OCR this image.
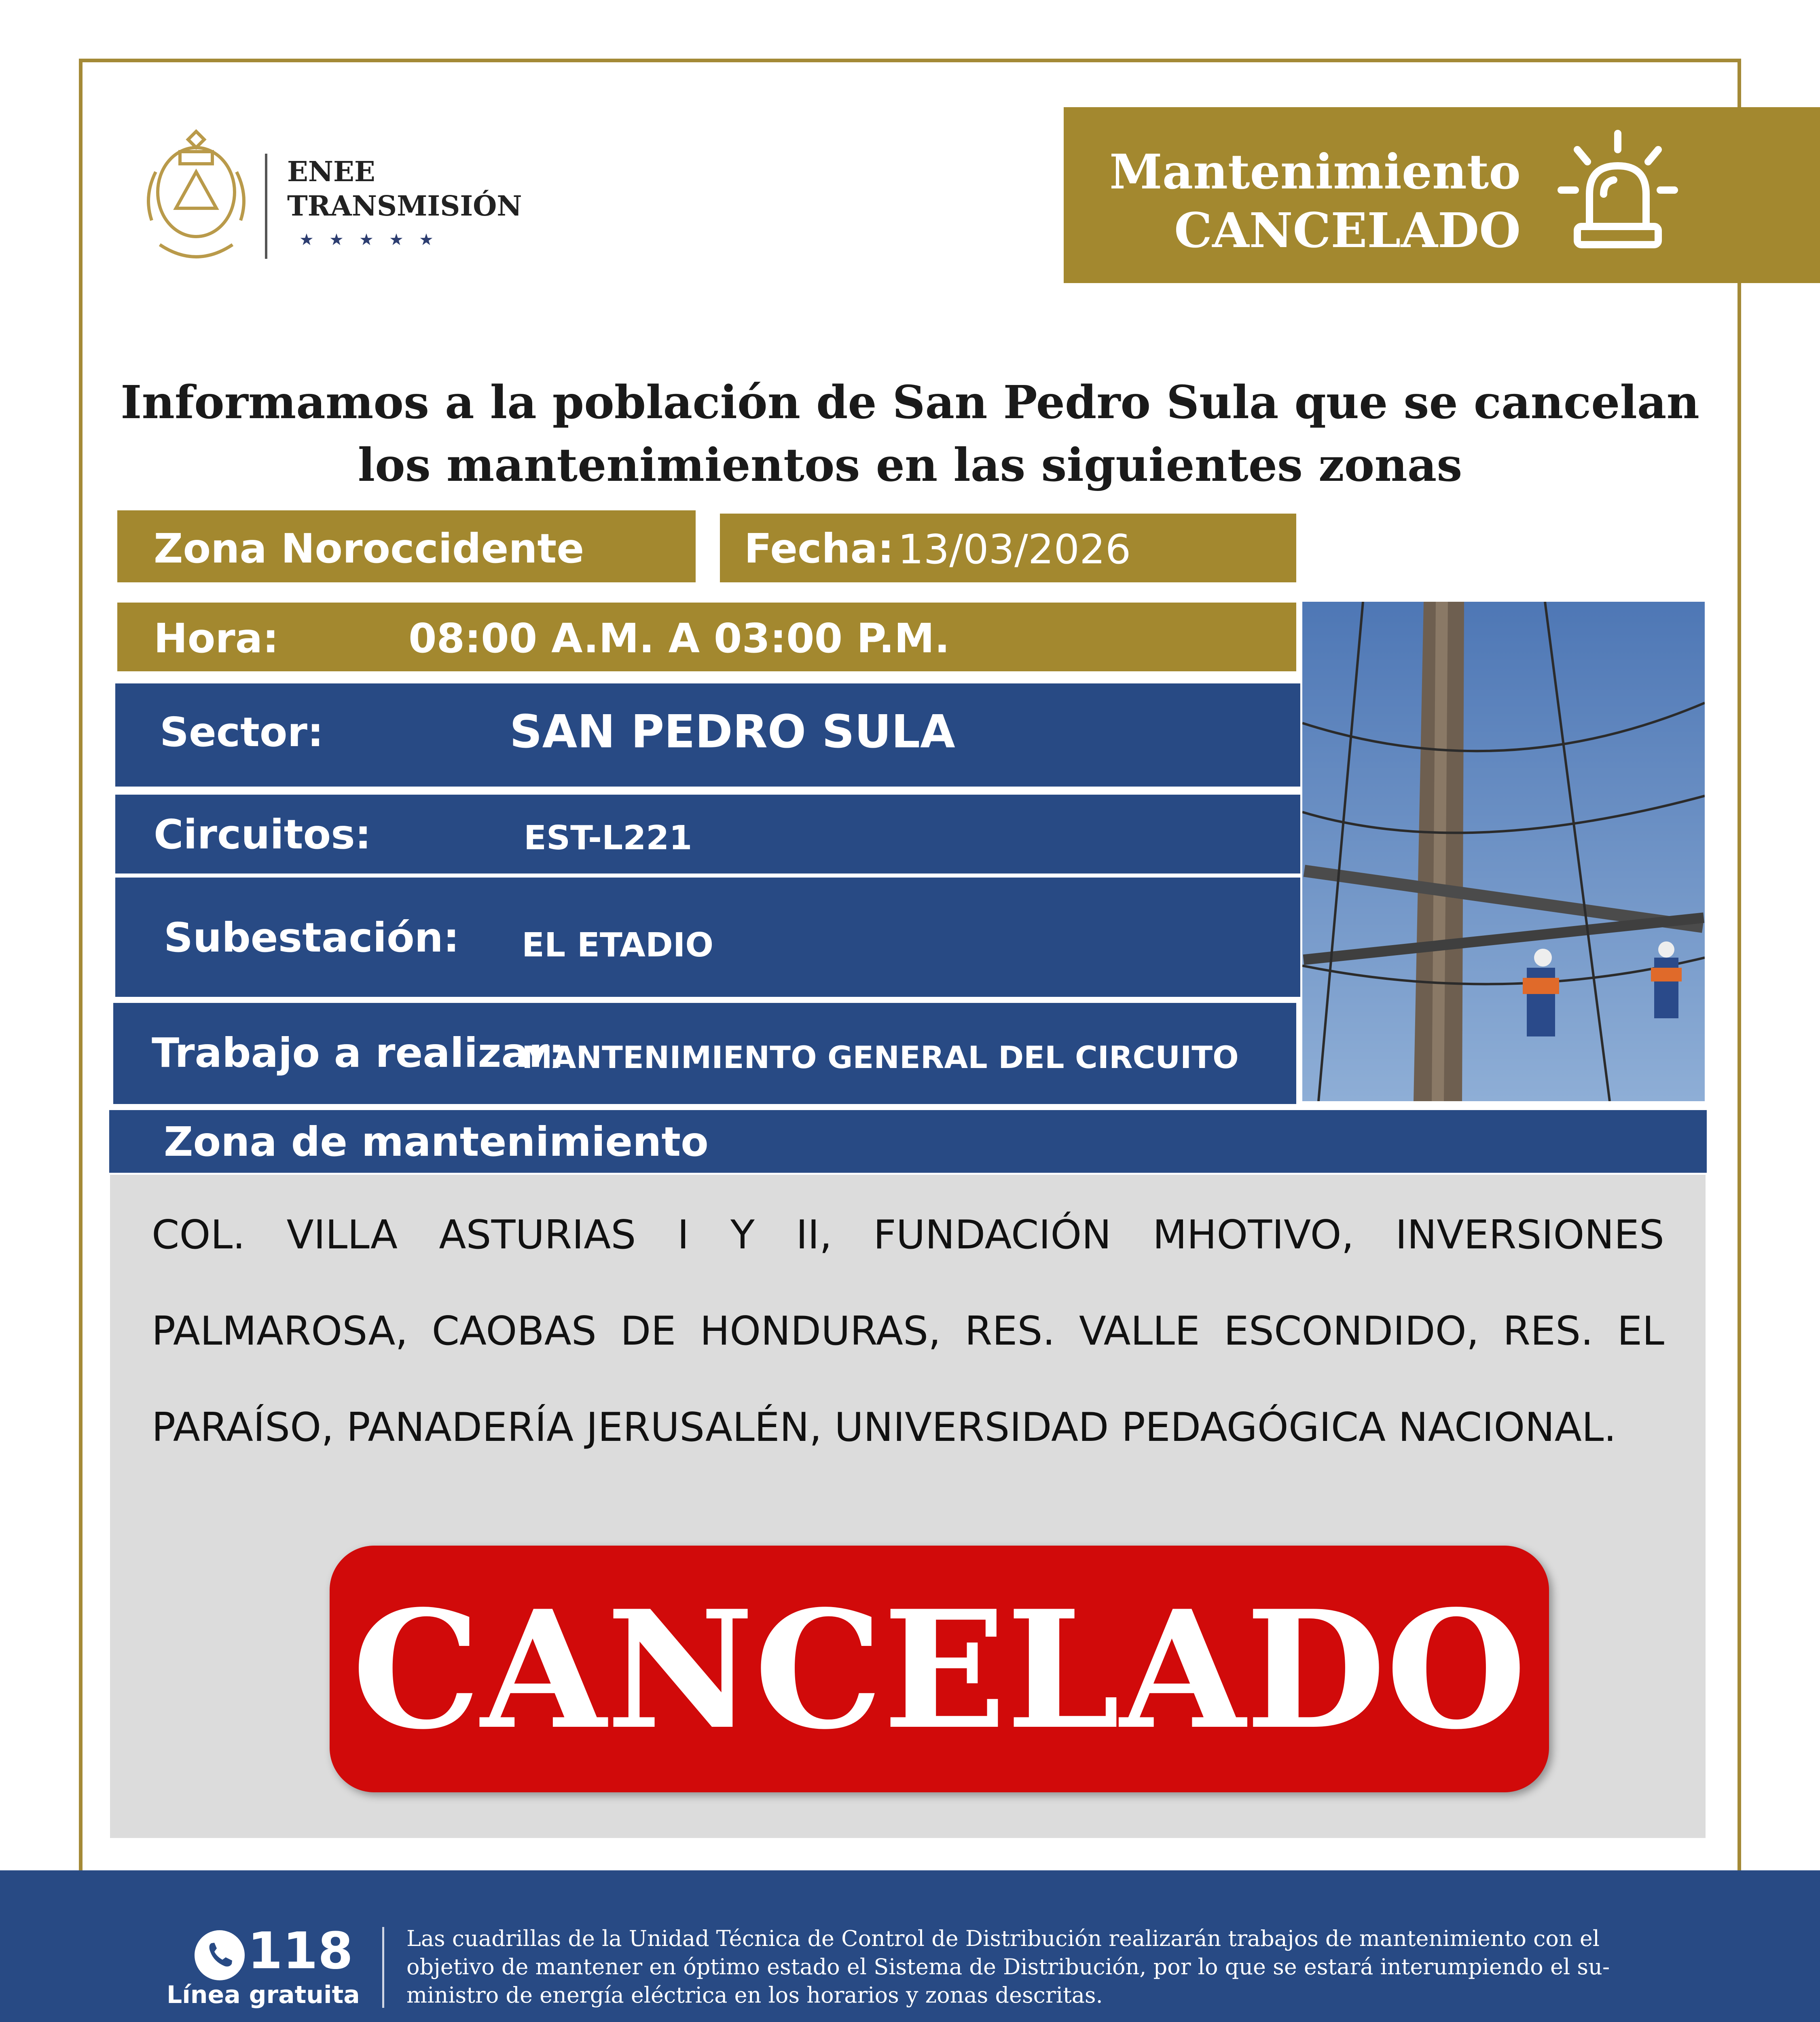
ENEE
TRANSMISIÓN
★   ★   ★   ★   ★
Mantenimiento
CANCELADO
Informamos a la población de San Pedro Sula que se cancelan
los mantenimientos en las siguientes zonas
Zona Noroccidente	Fecha: 13/03/2026
Hora:	08:00 A.M. A 03:00 P.M.
Sector:	SAN PEDRO SULA
Circuitos:	EST-L221
Subestación: EL ETADIO
Trabajo a realizar:
MANTENIMIENTO GENERAL DEL CIRCUITO
Zona de mantenimiento
COL. VILLA ASTURIAS I Y II, FUNDACIÓN MHOTIVO, INVERSIONES PALMAROSA, CAOBAS DE HONDURAS, RES. VALLE ESCONDIDO, RES. EL PARAÍSO, PANADERÍA JERUSALÉN, UNIVERSIDAD PEDAGÓGICA NACIONAL.
CANCELADO
118
Línea gratuita
Las cuadrillas de la Unidad Técnica de Control de Distribución realizarán trabajos de mantenimiento con el
objetivo de mantener en óptimo estado el Sistema de Distribución, por lo que se estará interumpiendo el su-
ministro de energía eléctrica en los horarios y zonas descritas.
